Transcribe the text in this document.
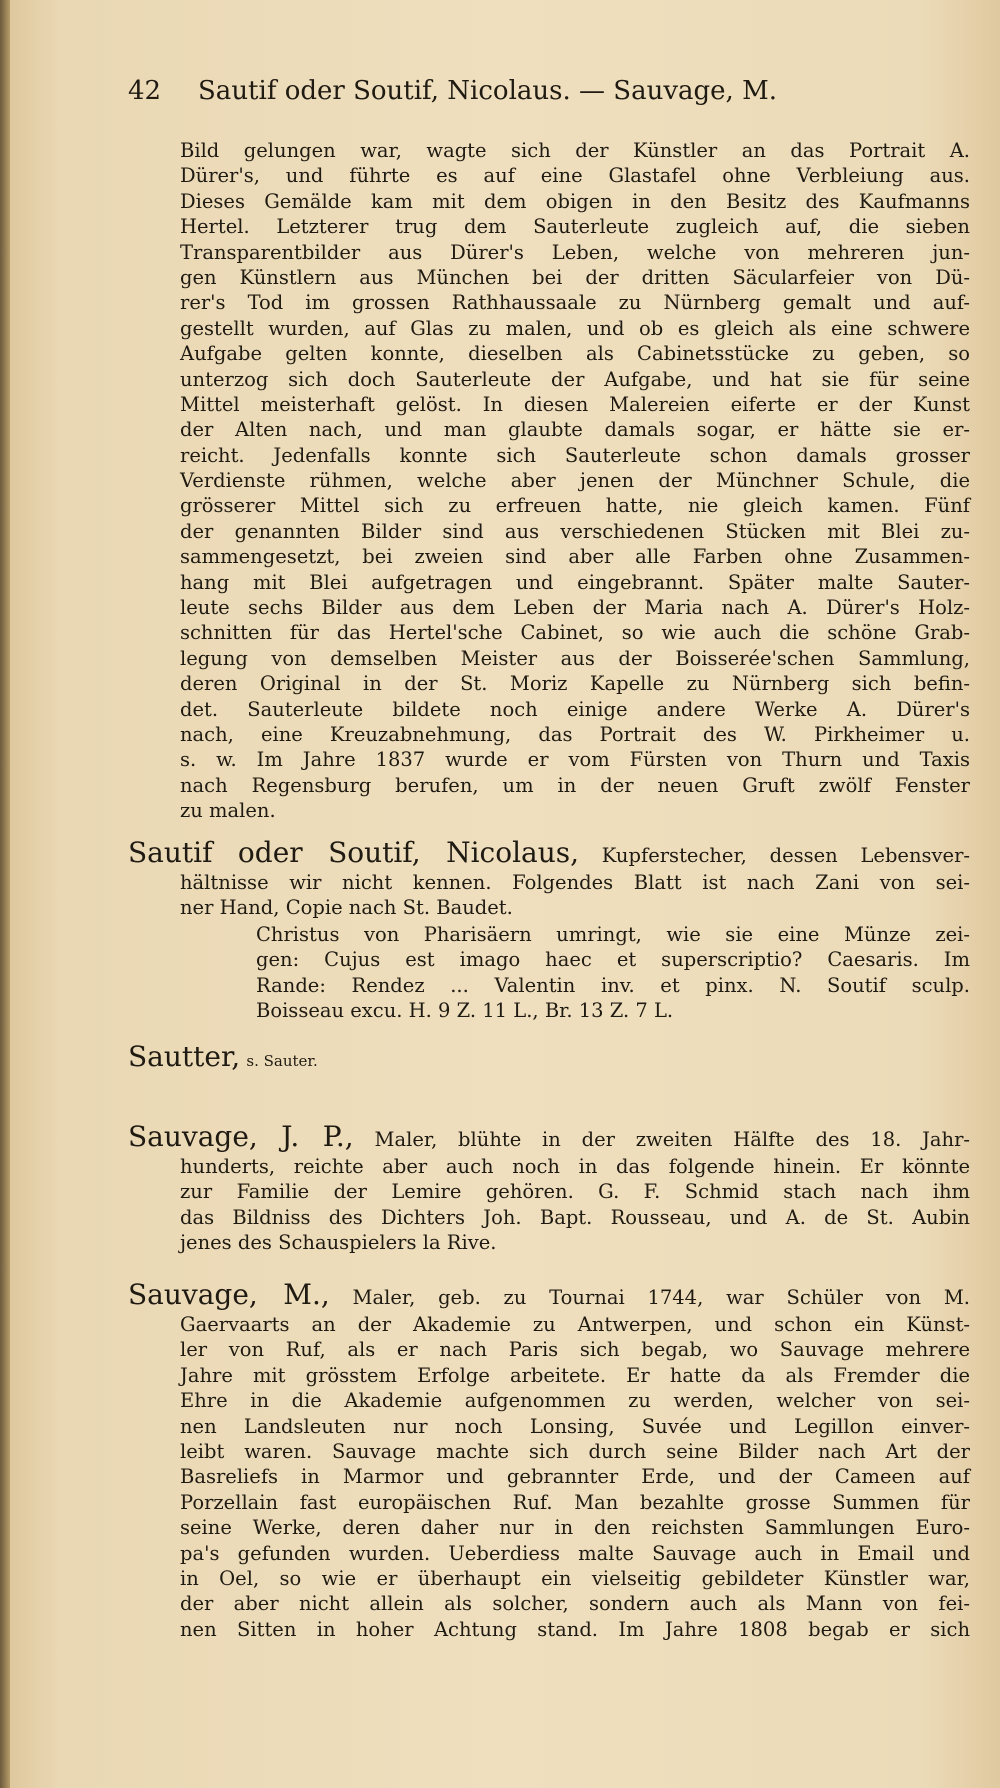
42 Sautif oder Soutif, Nicolaus. — Sauvage, M.
Bild gelungen war, wagte sich der Künstler an das Portrait A.
Dürer's, und führte es auf eine Glastafel ohne Verbleiung aus.
Dieses Gemälde kam mit dem obigen in den Besitz des Kaufmanns
Hertel. Letzterer trug dem Sauterleute zugleich auf, die sieben
Transparentbilder aus Dürer's Leben, welche von mehreren jun-
gen Künstlern aus München bei der dritten Säcularfeier von Dü-
rer's Tod im grossen Rathhaussaale zu Nürnberg gemalt und auf-
gestellt wurden, auf Glas zu malen, und ob es gleich als eine schwere
Aufgabe gelten konnte, dieselben als Cabinetsstücke zu geben, so
unterzog sich doch Sauterleute der Aufgabe, und hat sie für seine
Mittel meisterhaft gelöst. In diesen Malereien eiferte er der Kunst
der Alten nach, und man glaubte damals sogar, er hätte sie er-
reicht. Jedenfalls konnte sich Sauterleute schon damals grosser
Verdienste rühmen, welche aber jenen der Münchner Schule, die
grösserer Mittel sich zu erfreuen hatte, nie gleich kamen. Fünf
der genannten Bilder sind aus verschiedenen Stücken mit Blei zu-
sammengesetzt, bei zweien sind aber alle Farben ohne Zusammen-
hang mit Blei aufgetragen und eingebrannt. Später malte Sauter-
leute sechs Bilder aus dem Leben der Maria nach A. Dürer's Holz-
schnitten für das Hertel'sche Cabinet, so wie auch die schöne Grab-
legung von demselben Meister aus der Boisserée'schen Sammlung,
deren Original in der St. Moriz Kapelle zu Nürnberg sich befin-
det. Sauterleute bildete noch einige andere Werke A. Dürer's
nach, eine Kreuzabnehmung, das Portrait des W. Pirkheimer u.
s. w. Im Jahre 1837 wurde er vom Fürsten von Thurn und Taxis
nach Regensburg berufen, um in der neuen Gruft zwölf Fenster
zu malen.
Sautif oder Soutif, Nicolaus, Kupferstecher, dessen Lebensver-
hältnisse wir nicht kennen. Folgendes Blatt ist nach Zani von sei-
ner Hand, Copie nach St. Baudet.
Christus von Pharisäern umringt, wie sie eine Münze zei-
gen: Cujus est imago haec et superscriptio? Caesaris. Im
Rande: Rendez ... Valentin inv. et pinx. N. Soutif sculp.
Boisseau excu. H. 9 Z. 11 L., Br. 13 Z. 7 L.
Sautter, s. Sauter.
Sauvage, J. P., Maler, blühte in der zweiten Hälfte des 18. Jahr-
hunderts, reichte aber auch noch in das folgende hinein. Er könnte
zur Familie der Lemire gehören. G. F. Schmid stach nach ihm
das Bildniss des Dichters Joh. Bapt. Rousseau, und A. de St. Aubin
jenes des Schauspielers la Rive.
Sauvage, M., Maler, geb. zu Tournai 1744, war Schüler von M.
Gaervaarts an der Akademie zu Antwerpen, und schon ein Künst-
ler von Ruf, als er nach Paris sich begab, wo Sauvage mehrere
Jahre mit grösstem Erfolge arbeitete. Er hatte da als Fremder die
Ehre in die Akademie aufgenommen zu werden, welcher von sei-
nen Landsleuten nur noch Lonsing, Suvée und Legillon einver-
leibt waren. Sauvage machte sich durch seine Bilder nach Art der
Basreliefs in Marmor und gebrannter Erde, und der Cameen auf
Porzellain fast europäischen Ruf. Man bezahlte grosse Summen für
seine Werke, deren daher nur in den reichsten Sammlungen Euro-
pa's gefunden wurden. Ueberdiess malte Sauvage auch in Email und
in Oel, so wie er überhaupt ein vielseitig gebildeter Künstler war,
der aber nicht allein als solcher, sondern auch als Mann von fei-
nen Sitten in hoher Achtung stand. Im Jahre 1808 begab er sich
